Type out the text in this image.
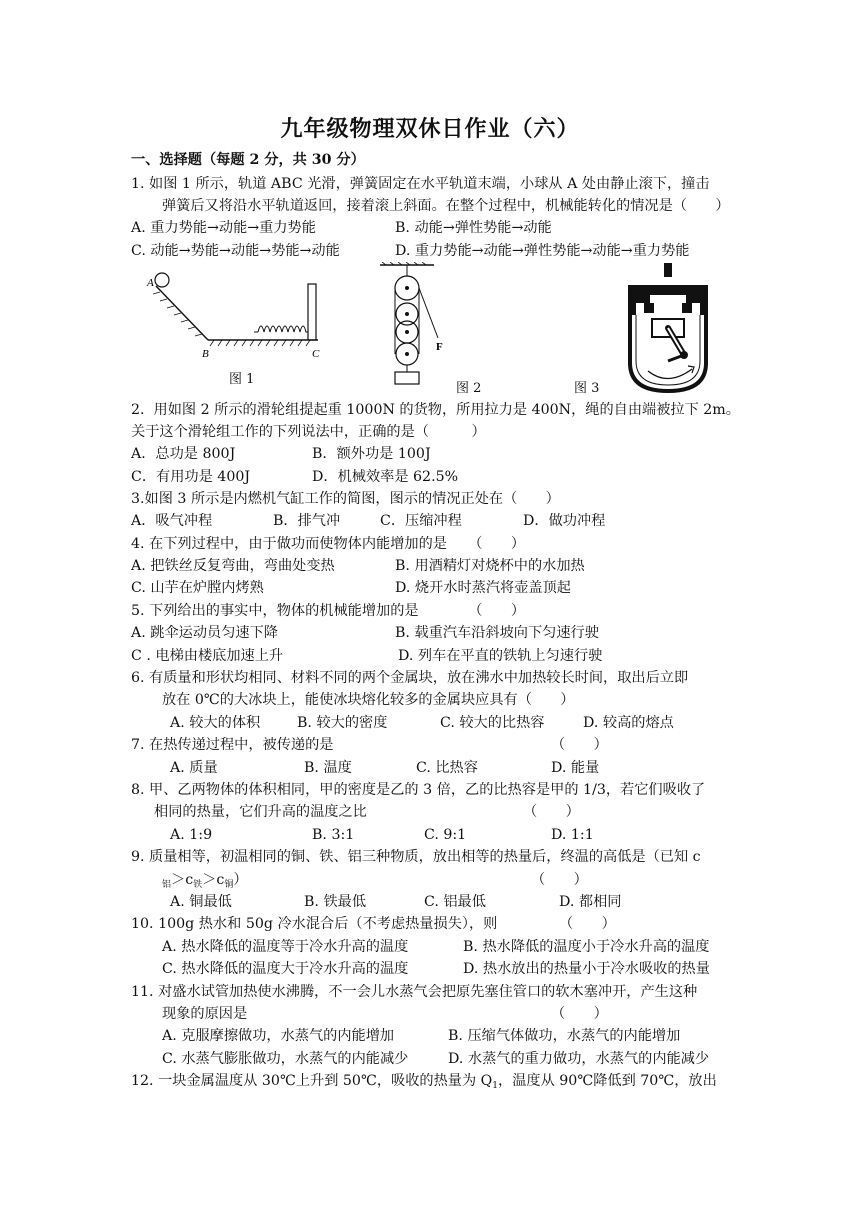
九年级物理双休日作业（六）
一、选择题（每题 2 分，共 30 分）
1. 如图 1 所示，轨道 ABC 光滑，弹簧固定在水平轨道末端，小球从 A 处由静止滚下，撞击
弹簧后又将沿水平轨道返回，接着滚上斜面。在整个过程中，机械能转化的情况是（　　）
A. 重力势能→动能→重力势能	B. 动能→弹性势能→动能
C. 动能→势能→动能→势能→动能	D. 重力势能→动能→弹性势能→动能→重力势能
A
B	C
图 1
F
图 2	图 3
2.  用如图 2 所示的滑轮组提起重 1000N 的货物，所用拉力是 400N，绳的自由端被拉下 2m。
关于这个滑轮组工作的下列说法中，正确的是（　　　）
A．总功是 800J	B．额外功是 100J
C．有用功是 400J	D．机械效率是 62.5%
3.如图 3 所示是内燃机气缸工作的简图，图示的情况正处在（　　）
A．吸气冲程	B．排气冲	C．压缩冲程	D．做功冲程
4. 在下列过程中，由于做功而使物体内能增加的是　　（　　）
A. 把铁丝反复弯曲，弯曲处变热	B. 用酒精灯对烧杯中的水加热
C. 山芋在炉膛内烤熟	D. 烧开水时蒸汽将壶盖顶起
5. 下列给出的事实中，物体的机械能增加的是　　　　（　　）
A. 跳伞运动员匀速下降	B. 载重汽车沿斜坡向下匀速行驶
C . 电梯由楼底加速上升	D. 列车在平直的铁轨上匀速行驶
6. 有质量和形状均相同、材料不同的两个金属块，放在沸水中加热较长时间，取出后立即
放在 0℃的大冰块上，能使冰块熔化较多的金属块应具有（　　）
A. 较大的体积	B. 较大的密度	C. 较大的比热容	D. 较高的熔点
7. 在热传递过程中，被传递的是	（　　）
A. 质量	B. 温度	C. 比热容	D. 能量
8. 甲、乙两物体的体积相同，甲的密度是乙的 3 倍，乙的比热容是甲的 1/3，若它们吸收了
相同的热量，它们升高的温度之比	（　　）
A. 1:9	B. 3:1	C. 9:1	D. 1:1
9. 质量相等，初温相同的铜、铁、铝三种物质，放出相等的热量后，终温的高低是（已知 c
$_铝>c_铁>c_铜$）	（　　）
A. 铜最低	B. 铁最低	C. 铝最低	D. 都相同
10. 100g 热水和 50g 冷水混合后（不考虑热量损失），则	（　　）
A. 热水降低的温度等于冷水升高的温度	B. 热水降低的温度小于冷水升高的温度
C. 热水降低的温度大于冷水升高的温度	D. 热水放出的热量小于冷水吸收的热量
11. 对盛水试管加热使水沸腾，不一会儿水蒸气会把原先塞住管口的软木塞冲开，产生这种
现象的原因是	（　　）
A. 克服摩擦做功，水蒸气的内能增加	B. 压缩气体做功，水蒸气的内能增加
C. 水蒸气膨胀做功，水蒸气的内能减少	D. 水蒸气的重力做功，水蒸气的内能减少
12. 一块金属温度从 30℃上升到 50℃，吸收的热量为 $Q_1$，温度从 90℃降低到 70℃，放出
